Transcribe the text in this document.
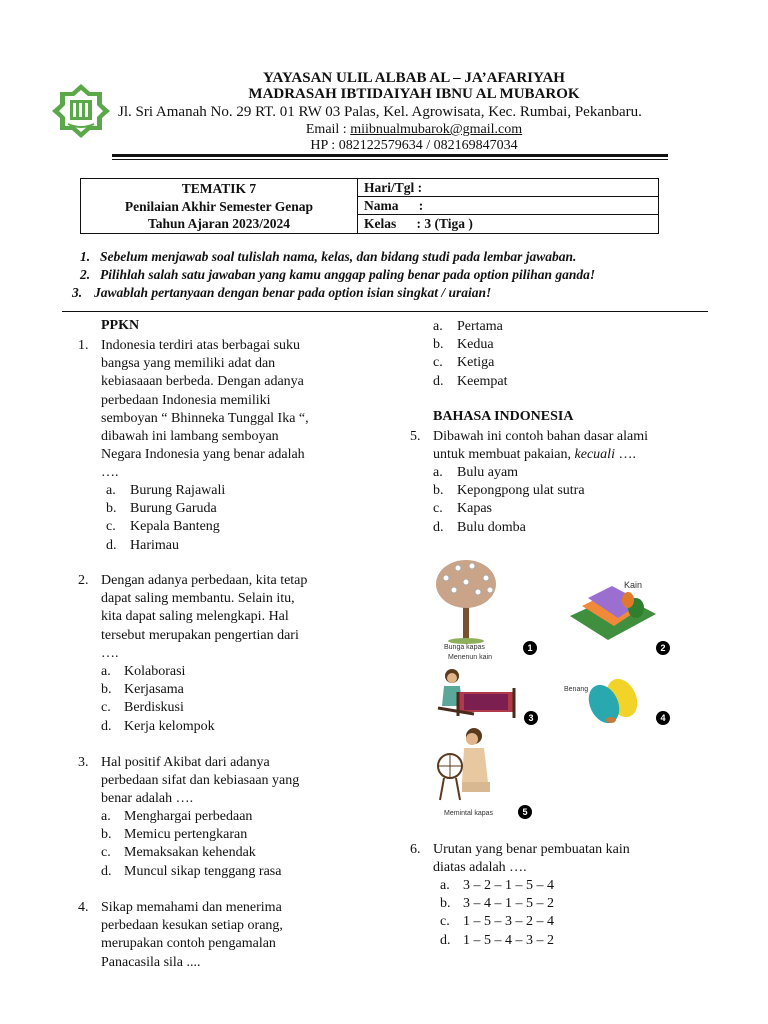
YAYASAN ULIL ALBAB AL – JA’AFARIYAH
MADRASAH IBTIDAIYAH IBNU AL MUBAROK
Jl. Sri Amanah No. 29 RT. 01 RW 03 Palas, Kel. Agrowisata, Kec. Rumbai, Pekanbaru.
Email : miibnualmubarok@gmail.com
HP : 082122579634 / 082169847034
TEMATIK 7
Penilaian Akhir Semester Genap
Tahun Ajaran 2023/2024
	Hari/Tgl :
Nama      :
Kelas      : 3 (Tiga )
1. Sebelum menjawab soal tulislah nama, kelas, dan bidang studi pada lembar jawaban.
2. Pilihlah salah satu jawaban yang kamu anggap paling benar pada option pilihan ganda!
3. Jawablah pertanyaan dengan benar pada option isian singkat / uraian!
PPKN
1. Indonesia terdiri atas berbagai suku
bangsa yang memiliki adat dan
kebiasaaan berbeda. Dengan adanya
perbedaan Indonesia memiliki
semboyan “ Bhinneka Tunggal Ika “,
dibawah ini lambang semboyan
Negara Indonesia yang benar adalah
….
a. Burung Rajawali
b. Burung Garuda
c. Kepala Banteng
d. Harimau
2. Dengan adanya perbedaan, kita tetap
dapat saling membantu. Selain itu,
kita dapat saling melengkapi. Hal
tersebut merupakan pengertian dari
….
a. Kolaborasi
b. Kerjasama
c. Berdiskusi
d. Kerja kelompok
3. Hal positif Akibat dari adanya
perbedaan sifat dan kebiasaan yang
benar adalah ….
a. Menghargai perbedaan
b. Memicu pertengkaran
c. Memaksakan kehendak
d. Muncul sikap tenggang rasa
4. Sikap memahami dan menerima
perbedaan kesukan setiap orang,
merupakan contoh pengamalan
Panacasila sila ....
a. Pertama
b. Kedua
c. Ketiga
d. Keempat
BAHASA INDONESIA
5. Dibawah ini contoh bahan dasar alami
untuk membuat pakaian, kecuali ….
a. Bulu ayam
b. Kepongpong ulat sutra
c. Kapas
d. Bulu domba
Bunga kapas
Menenun kain
1
Kain
2
3
Benang
4
Memintal kapas	5
6. Urutan yang benar pembuatan kain
diatas adalah ….
a. 3 – 2 – 1 – 5 – 4
b. 3 – 4 – 1 – 5 – 2
c. 1 – 5 – 3 – 2 – 4
d. 1 – 5 – 4 – 3 – 2
